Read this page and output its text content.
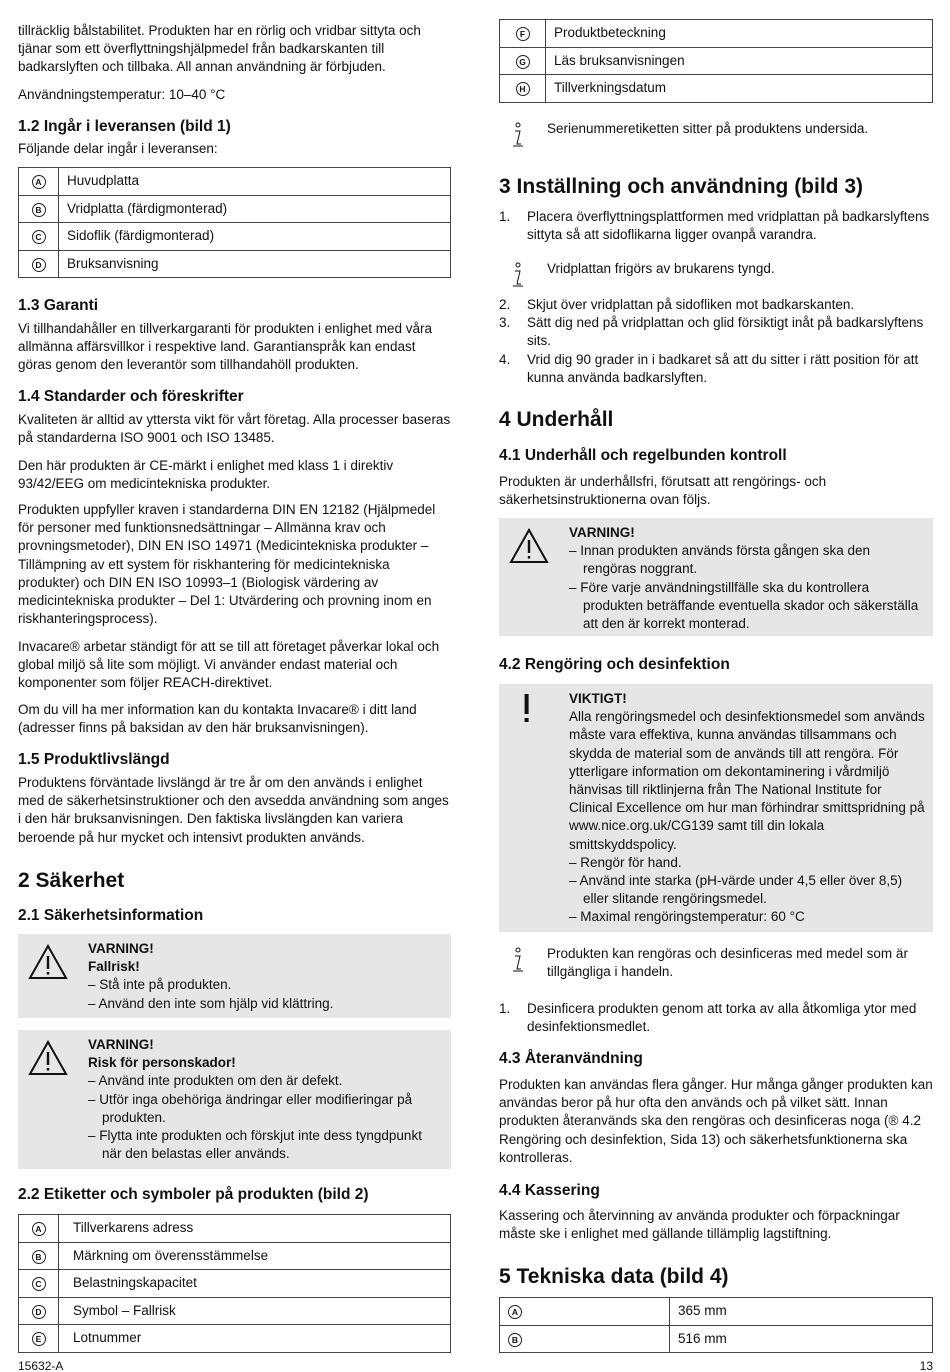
tillräcklig bålstabilitet. Produkten har en rörlig och vridbar sittyta och tjänar som ett överflyttningshjälpmedel från badkarskanten till badkarslyften och tillbaka. All annan användning är förbjuden.

Användningstemperatur: 10–40 °C

1.2 Ingår i leveransen (bild 1)

Följande delar ingår i leveransen:

A	Huvudplatta
B	Vridplatta (färdigmonterad)
C	Sidoflik (färdigmonterad)
D	Bruksanvisning
1.3 Garanti

Vi tillhandahåller en tillverkargaranti för produkten i enlighet med våra allmänna affärsvillkor i respektive land. Garantianspråk kan endast göras genom den leverantör som tillhandahöll produkten.

1.4 Standarder och föreskrifter

Kvaliteten är alltid av yttersta vikt för vårt företag. Alla processer baseras på standarderna ISO 9001 och ISO 13485.

Den här produkten är CE-märkt i enlighet med klass 1 i direktiv 93/42/EEG om medicintekniska produkter.

Produkten uppfyller kraven i standarderna DIN EN 12182 (Hjälpmedel för personer med funktionsnedsättningar – Allmänna krav och provningsmetoder), DIN EN ISO 14971 (Medicintekniska produkter – Tillämpning av ett system för riskhantering för medicintekniska produkter) och DIN EN ISO 10993–1 (Biologisk värdering av medicintekniska produkter – Del 1: Utvärdering och provning inom en riskhanteringsprocess).

Invacare® arbetar ständigt för att se till att företaget påverkar lokal och global miljö så lite som möjligt. Vi använder endast material och komponenter som följer REACH-direktivet.

Om du vill ha mer information kan du kontakta Invacare® i ditt land (adresser finns på baksidan av den här bruksanvisningen).

1.5 Produktlivslängd

Produktens förväntade livslängd är tre år om den används i enlighet med de säkerhetsinstruktioner och den avsedda användning som anges i den här bruksanvisningen. Den faktiska livslängden kan variera beroende på hur mycket och intensivt produkten används.

2 Säkerhet
2.1 Säkerhetsinformation
VARNING!
Fallrisk!
– Stå inte på produkten.
– Använd den inte som hjälp vid klättring.
VARNING!
Risk för personskador!
– Använd inte produkten om den är defekt.
– Utför inga obehöriga ändringar eller modifieringar på produkten.
– Flytta inte produkten och förskjut inte dess tyngdpunkt när den belastas eller används.
2.2 Etiketter och symboler på produkten (bild 2)
A	Tillverkarens adress
B	Märkning om överensstämmelse
C	Belastningskapacitet
D	Symbol – Fallrisk
E	Lotnummer
F	Produktbeteckning
G	Läs bruksanvisningen
H	Tillverkningsdatum
Serienummeretiketten sitter på produktens undersida.
3 Inställning och användning (bild 3)
1. Placera överflyttningsplattformen med vridplattan på badkarslyftens sittyta så att sidoflikarna ligger ovanpå varandra.
Vridplattan frigörs av brukarens tyngd.
2. Skjut över vridplattan på sidofliken mot badkarskanten.
3. Sätt dig ned på vridplattan och glid försiktigt inåt på badkarslyftens sits.
4. Vrid dig 90 grader in i badkaret så att du sitter i rätt position för att kunna använda badkarslyften.
4 Underhåll
4.1 Underhåll och regelbunden kontroll

Produkten är underhållsfri, förutsatt att rengörings- och säkerhetsinstruktionerna ovan följs.

VARNING!
– Innan produkten används första gången ska den rengöras noggrant.
– Före varje användningstillfälle ska du kontrollera produkten beträffande eventuella skador och säkerställa att den är korrekt monterad.
4.2 Rengöring och desinfektion
VIKTIGT!
Alla rengöringsmedel och desinfektionsmedel som används måste vara effektiva, kunna användas tillsammans och skydda de material som de används till att rengöra. För ytterligare information om dekontaminering i vårdmiljö hänvisas till riktlinjerna från The National Institute for Clinical Excellence om hur man förhindrar smittspridning på www.nice.org.uk/CG139 samt till din lokala smittskyddspolicy.
– Rengör för hand.
– Använd inte starka (pH-värde under 4,5 eller över 8,5) eller slitande rengöringsmedel.
– Maximal rengöringstemperatur: 60 °C
Produkten kan rengöras och desinficeras med medel som är tillgängliga i handeln.
1. Desinficera produkten genom att torka av alla åtkomliga ytor med desinfektionsmedlet.
4.3 Återanvändning

Produkten kan användas flera gånger. Hur många gånger produkten kan användas beror på hur ofta den används och på vilket sätt. Innan produkten återanvänds ska den rengöras och desinficeras noga (® 4.2 Rengöring och desinfektion, Sida 13) och säkerhetsfunktionerna ska kontrolleras.

4.4 Kassering

Kassering och återvinning av använda produkter och förpackningar måste ske i enlighet med gällande tillämplig lagstiftning.

5 Tekniska data (bild 4)
A	365 mm
B	516 mm
15632-A	13
